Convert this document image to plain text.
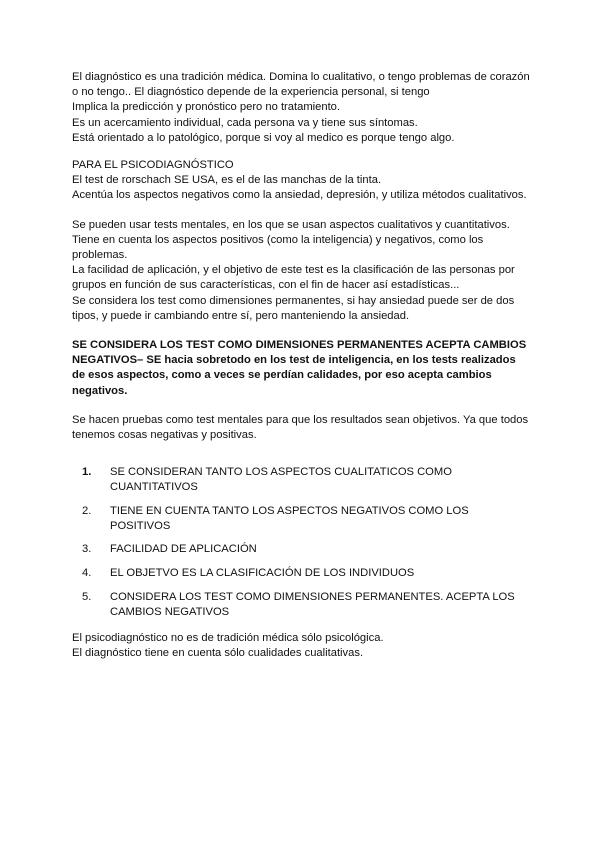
El diagnóstico es una tradición médica. Domina lo cualitativo, o tengo problemas de corazón
o no tengo.. El diagnóstico depende de la experiencia personal, si tengo
Implica la predicción y pronóstico pero no tratamiento.
Es un acercamiento individual, cada persona va y tiene sus síntomas.
Está orientado a lo patológico, porque si voy al medico es porque tengo algo.

PARA EL PSICODIAGNÓSTICO
El test de rorschach SE USA, es el de las manchas de la tinta.
Acentúa los aspectos negativos como la ansiedad, depresión, y utiliza métodos cualitativos.

Se pueden usar tests mentales, en los que se usan aspectos cualitativos y cuantitativos.
Tiene en cuenta los aspectos positivos (como la inteligencia) y negativos, como los
problemas.
La facilidad de aplicación, y el objetivo de este test es la clasificación de las personas por
grupos en función de sus características, con el fin de hacer así estadísticas...
Se considera los test como dimensiones permanentes, si hay ansiedad puede ser de dos
tipos, y puede ir cambiando entre sí, pero manteniendo la ansiedad.

SE CONSIDERA LOS TEST COMO DIMENSIONES PERMANENTES ACEPTA CAMBIOS
NEGATIVOS– SE hacia sobretodo en los test de inteligencia, en los tests realizados
de esos aspectos, como a veces se perdían calidades, por eso acepta cambios
negativos.

Se hacen pruebas como test mentales para que los resultados sean objetivos. Ya que todos
tenemos cosas negativas y positivas.

1. SE CONSIDERAN TANTO LOS ASPECTOS CUALITATICOS COMO CUANTITATIVOS
2. TIENE EN CUENTA TANTO LOS ASPECTOS NEGATIVOS COMO LOS POSITIVOS
3. FACILIDAD DE APLICACIÓN
4. EL OBJETVO ES LA CLASIFICACIÓN DE LOS INDIVIDUOS
5. CONSIDERA LOS TEST COMO DIMENSIONES PERMANENTES. ACEPTA LOS CAMBIOS NEGATIVOS

El psicodiagnóstico no es de tradición médica sólo psicológica.
El diagnóstico tiene en cuenta sólo cualidades cualitativas.
